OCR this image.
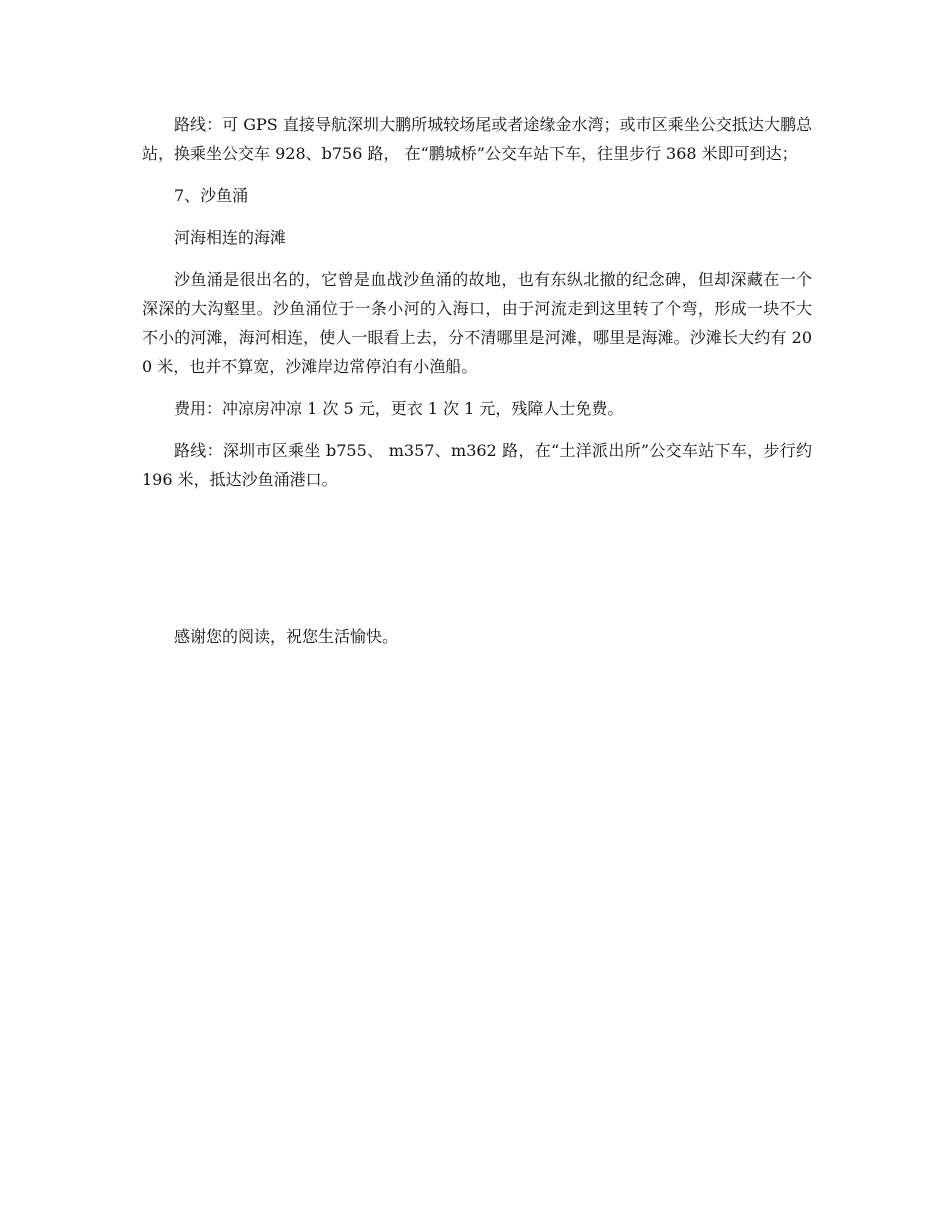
路线：可 GPS 直接导航深圳大鹏所城较场尾或者途缘金水湾；或市区乘坐公交抵达大鹏总站，换乘坐公交车 928、b756 路， 在“鹏城桥”公交车站下车，往里步行 368 米即可到达；

7、沙鱼涌

河海相连的海滩

沙鱼涌是很出名的，它曾是血战沙鱼涌的故地，也有东纵北撤的纪念碑，但却深藏在一个深深的大沟壑里。沙鱼涌位于一条小河的入海口，由于河流走到这里转了个弯，形成一块不大不小的河滩，海河相连，使人一眼看上去，分不清哪里是河滩，哪里是海滩。沙滩长大约有 200 米，也并不算宽，沙滩岸边常停泊有小渔船。

费用：冲凉房冲凉 1 次 5 元，更衣 1 次 1 元，残障人士免费。

路线：深圳市区乘坐 b755、 m357、m362 路，在“土洋派出所”公交车站下车，步行约 196 米，抵达沙鱼涌港口。

感谢您的阅读，祝您生活愉快。
